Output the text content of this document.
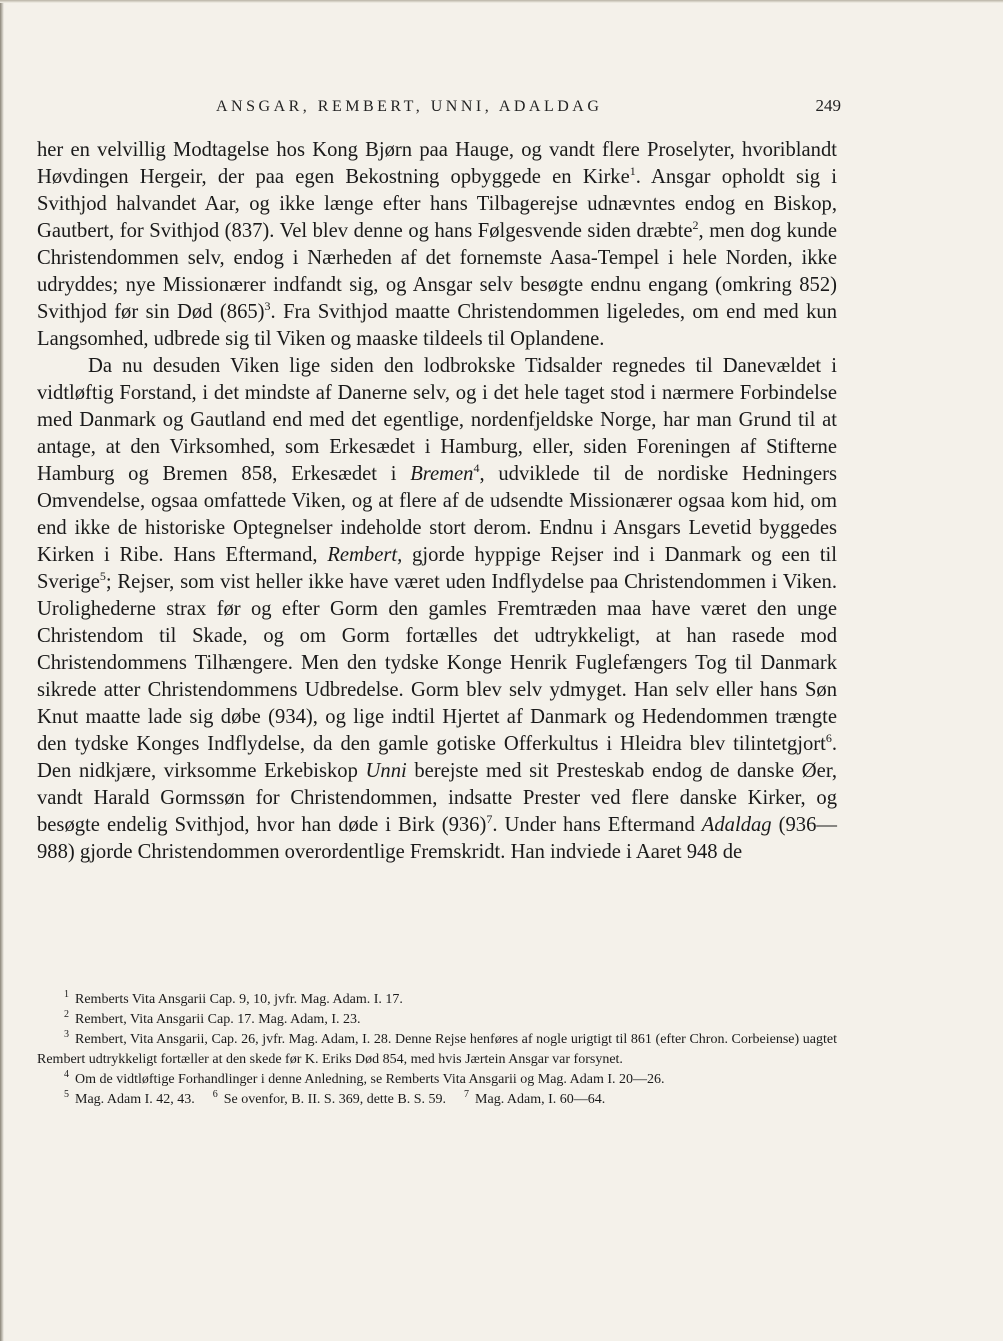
ANSGAR, REMBERT, UNNI, ADALDAG	249

her en velvillig Modtagelse hos Kong Bjørn paa Hauge, og vandt flere Proselyter, hvoriblandt Høvdingen Hergeir, der paa egen Bekostning opbyggede en Kirke$^1$. Ansgar opholdt sig i Svithjod halvandet Aar, og ikke længe efter hans Tilbagerejse udnævntes endog en Biskop, Gautbert, for Svithjod (837). Vel blev denne og hans Følgesvende siden dræbte$^2$, men dog kunde Christendommen selv, endog i Nærheden af det fornemste Aasa-Tempel i hele Norden, ikke udryddes; nye Missionærer indfandt sig, og Ansgar selv besøgte endnu engang (omkring 852) Svithjod før sin Død (865)$^3$. Fra Svithjod maatte Christendommen ligeledes, om end med kun Langsomhed, udbrede sig til Viken og maaske tildeels til Oplandene.

Da nu desuden Viken lige siden den lodbrokske Tidsalder regnedes til Danevældet i vidtløftig Forstand, i det mindste af Danerne selv, og i det hele taget stod i nærmere Forbindelse med Danmark og Gautland end med det egentlige, nordenfjeldske Norge, har man Grund til at antage, at den Virksomhed, som Erkesædet i Hamburg, eller, siden Foreningen af Stifterne Hamburg og Bremen 858, Erkesædet i Bremen$^4$, udviklede til de nordiske Hedningers Omvendelse, ogsaa omfattede Viken, og at flere af de udsendte Missionærer ogsaa kom hid, om end ikke de historiske Optegnelser indeholde stort derom. Endnu i Ansgars Levetid byggedes Kirken i Ribe. Hans Eftermand, Rembert, gjorde hyppige Rejser ind i Danmark og een til Sverige$^5$; Rejser, som vist heller ikke have været uden Indflydelse paa Christendommen i Viken. Urolighederne strax før og efter Gorm den gamles Fremtræden maa have været den unge Christendom til Skade, og om Gorm fortælles det udtrykkeligt, at han rasede mod Christendommens Tilhængere. Men den tydske Konge Henrik Fuglefængers Tog til Danmark sikrede atter Christendommens Udbredelse. Gorm blev selv ydmyget. Han selv eller hans Søn Knut maatte lade sig døbe (934), og lige indtil Hjertet af Danmark og Hedendommen trængte den tydske Konges Indflydelse, da den gamle gotiske Offerkultus i Hleidra blev tilintetgjort$^6$. Den nidkjære, virksomme Erkebiskop Unni berejste med sit Presteskab endog de danske Øer, vandt Harald Gormssøn for Christendommen, indsatte Prester ved flere danske Kirker, og besøgte endelig Svithjod, hvor han døde i Birk (936)$^7$. Under hans Eftermand Adaldag (936—988) gjorde Christendommen overordentlige Fremskridt. Han indviede i Aaret 948 de

$^1$ Remberts Vita Ansgarii Cap. 9, 10, jvfr. Mag. Adam. I. 17.

$^2$ Rembert, Vita Ansgarii Cap. 17. Mag. Adam, I. 23.

$^3$ Rembert, Vita Ansgarii, Cap. 26, jvfr. Mag. Adam, I. 28. Denne Rejse henføres af nogle urigtigt til 861 (efter Chron. Corbeiense) uagtet Rembert udtrykkeligt fortæller at den skede før K. Eriks Død 854, med hvis Jærtein Ansgar var forsynet.

$^4$ Om de vidtløftige Forhandlinger i denne Anledning, se Remberts Vita Ansgarii og Mag. Adam I. 20—26.

$^5$ Mag. Adam I. 42, 43. $^6$ Se ovenfor, B. II. S. 369, dette B. S. 59. $^7$ Mag. Adam, I. 60—64.
